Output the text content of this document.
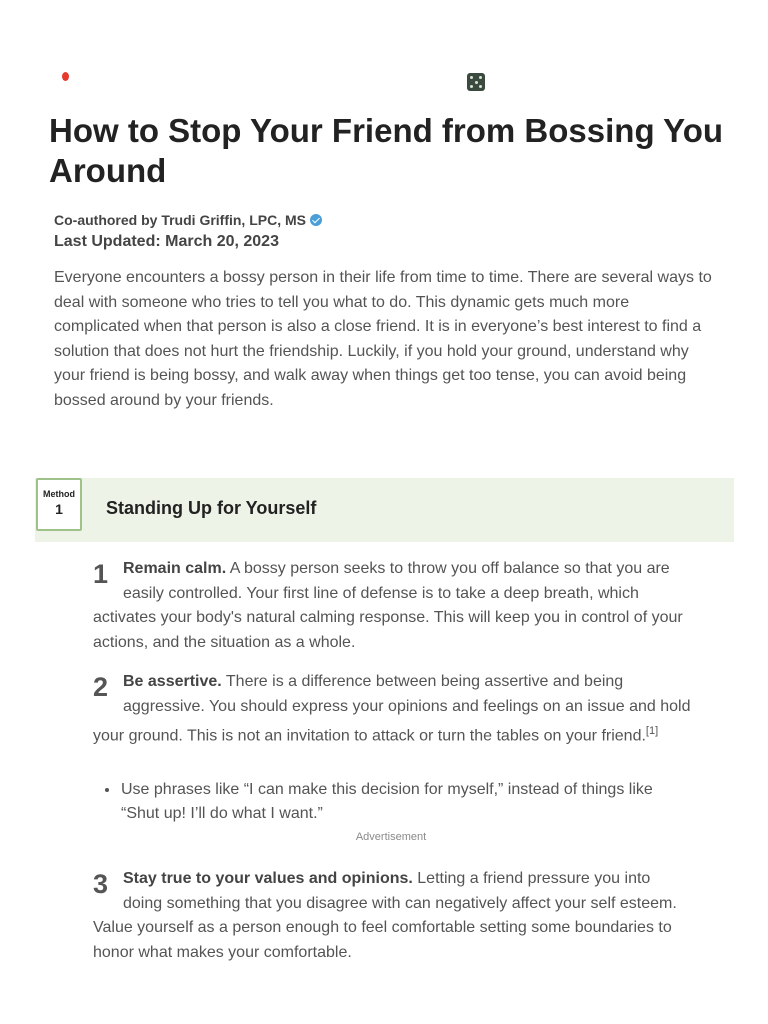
How to Stop Your Friend from Bossing You Around
Co-authored by Trudi Griffin, LPC, MS
Last Updated: March 20, 2023

Everyone encounters a bossy person in their life from time to time. There are several ways to deal with someone who tries to tell you what to do. This dynamic gets much more complicated when that person is also a close friend. It is in everyone’s best interest to find a solution that does not hurt the friendship. Luckily, if you hold your ground, understand why your friend is being bossy, and walk away when things get too tense, you can avoid being bossed around by your friends.

Method
1	Standing Up for Yourself
1 Remain calm. A bossy person seeks to throw you off balance so that you are easily controlled. Your first line of defense is to take a deep breath, which activates your body's natural calming response. This will keep you in control of your actions, and the situation as a whole.
2 Be assertive. There is a difference between being assertive and being aggressive. You should express your opinions and feelings on an issue and hold your ground. This is not an invitation to attack or turn the tables on your friend.[1]
Use phrases like “I can make this decision for myself,” instead of things like “Shut up! I’ll do what I want.”
Advertisement
3 Stay true to your values and opinions. Letting a friend pressure you into doing something that you disagree with can negatively affect your self esteem. Value yourself as a person enough to feel comfortable setting some boundaries to honor what makes your comfortable.
